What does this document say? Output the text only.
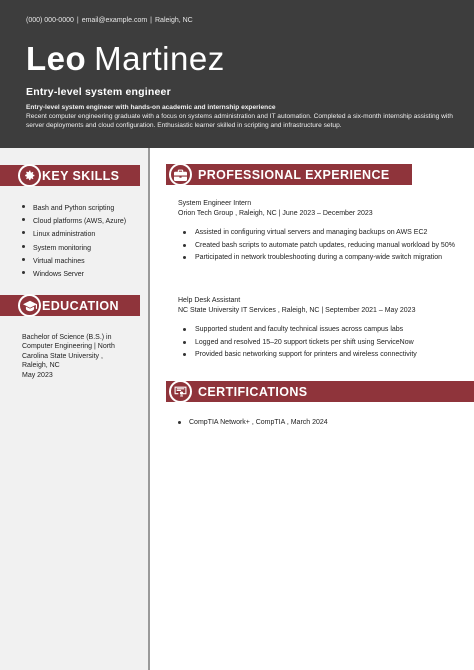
(000) 000-0000 | email@example.com | Raleigh, NC
Leo Martinez
Entry-level system engineer
Entry-level system engineer with hands-on academic and internship experience
Recent computer engineering graduate with a focus on systems administration and IT automation. Completed a six-month internship assisting with server deployments and cloud configuration. Enthusiastic learner skilled in scripting and infrastructure setup.
KEY SKILLS
Bash and Python scripting
Cloud platforms (AWS, Azure)
Linux administration
System monitoring
Virtual machines
Windows Server
EDUCATION
Bachelor of Science (B.S.) in
Computer Engineering | North
Carolina State University ,
Raleigh, NC
May 2023
PROFESSIONAL EXPERIENCE
System Engineer Intern
Orion Tech Group , Raleigh, NC | June 2023 – December 2023
Assisted in configuring virtual servers and managing backups on AWS EC2
Created bash scripts to automate patch updates, reducing manual workload by 50%
Participated in network troubleshooting during a company-wide switch migration
Help Desk Assistant
NC State University IT Services , Raleigh, NC | September 2021 – May 2023
Supported student and faculty technical issues across campus labs
Logged and resolved 15–20 support tickets per shift using ServiceNow
Provided basic networking support for printers and wireless connectivity
CERTIFICATIONS
CompTIA Network+ , CompTIA , March 2024
